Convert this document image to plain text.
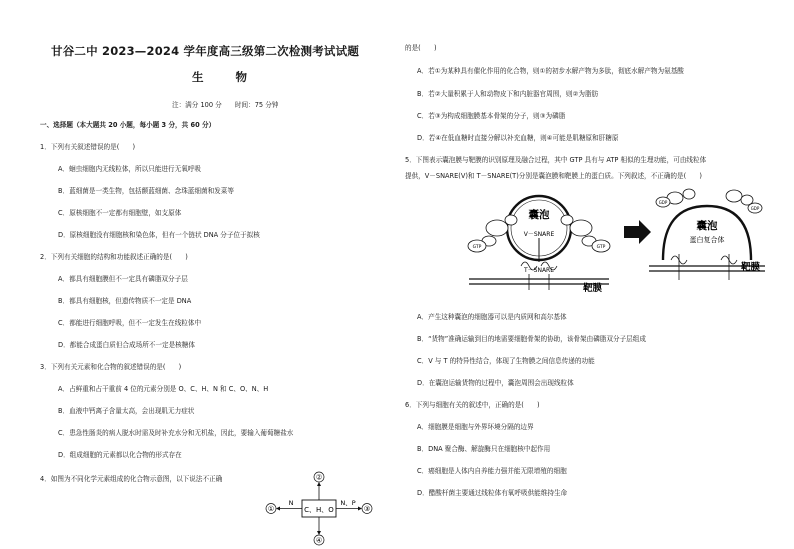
甘谷二中 2023—2024 学年度高三级第二次检测考试试题
生 物
注：满分 100 分　　时间：75 分钟
一、选择题（本大题共 20 小题，每小题 3 分，共 60 分）
1．下列有关叙述错误的是(　　)
A．蛔虫细胞内无线粒体，所以只能进行无氧呼吸
B．蓝细菌是一类生物，包括颤蓝细菌、念珠蓝细菌和发菜等
C．原核细胞不一定都有细胞壁，如支原体
D．原核细胞没有细胞核和染色体，但有一个链状 DNA 分子位于拟核
2．下列有关细胞的结构和功能叙述正确的是(　　)
A．都具有细胞膜但不一定具有磷脂双分子层
B．都具有细胞核，但遗传物质不一定是 DNA
C．都能进行细胞呼吸，但不一定发生在线粒体中
D．都能合成蛋白质但合成场所不一定是核糖体
3．下列有关元素和化合物的叙述错误的是(　　)
A．占鲜重和占干重前 4 位的元素分别是 O、C、H、N 和 C、O、N、H
B．血液中钙离子含量太高，会出现肌无力症状
C．患急性肠炎的病人脱水时需及时补充水分和无机盐，因此，要输入葡萄糖盐水
D．组成细胞的元素都以化合物的形式存在
4．如图为不同化学元素组成的化合物示意图，以下说法不正确
C、H、O
②
④
①
N
③
N、P
的是(　　)
A．若①为某种具有催化作用的化合物，则①的初步水解产物为多肽，彻底水解产物为氨基酸
B．若②大量积累于人和动物皮下和内脏器官周围，则②为脂肪
C．若③为构成细胞膜基本骨架的分子，则③为磷脂
D．若④在低血糖时直接分解以补充血糖，则④可能是肌糖原和肝糖原
5．下图表示囊泡膜与靶膜的识别原理及融合过程，其中 GTP 具有与 ATP 相似的生理功能，可由线粒体
提供，V－SNARE(V)和 T－SNARE(T)分别是囊泡膜和靶膜上的蛋白质。下列叙述，不正确的是(　　)
囊泡
V－SNARE
GTP	GTP
T－SNARE
靶膜
囊泡
蛋白复合体
GDP
GDP
靶膜
A．产生这种囊泡的细胞器可以是内质网和高尔基体
B．“货物”准确运输到目的地需要细胞骨架的协助，该骨架由磷脂双分子层组成
C．V 与 T 的特异性结合，体现了生物膜之间信息传递的功能
D．在囊泡运输货物的过程中，囊泡周围会出现线粒体
6．下列与细胞有关的叙述中，正确的是(　　)
A．细胞膜是细胞与外界环境分隔的边界
B．DNA 聚合酶、解旋酶只在细胞核中起作用
C．癌细胞是人体内自养能力强并能无限增殖的细胞
D．醋酸杆菌主要通过线粒体有氧呼吸供能维持生命
